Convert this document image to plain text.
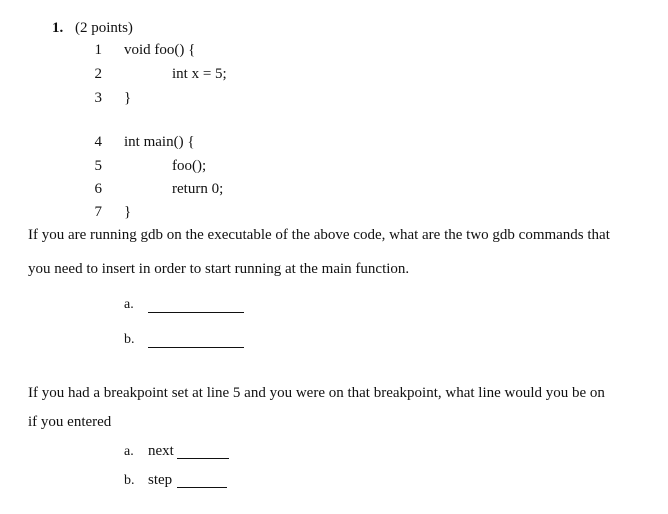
1. (2 points)
1 void foo() {
2	int x = 5;
3 }
4 int main() {
5	foo();
6	return 0;
7 }
If you are running gdb on the executable of the above code, what are the two gdb commands that
you need to insert in order to start running at the main function.
a.
b.
If you had a breakpoint set at line 5 and you were on that breakpoint, what line would you be on
if you entered
a. next
b. step
